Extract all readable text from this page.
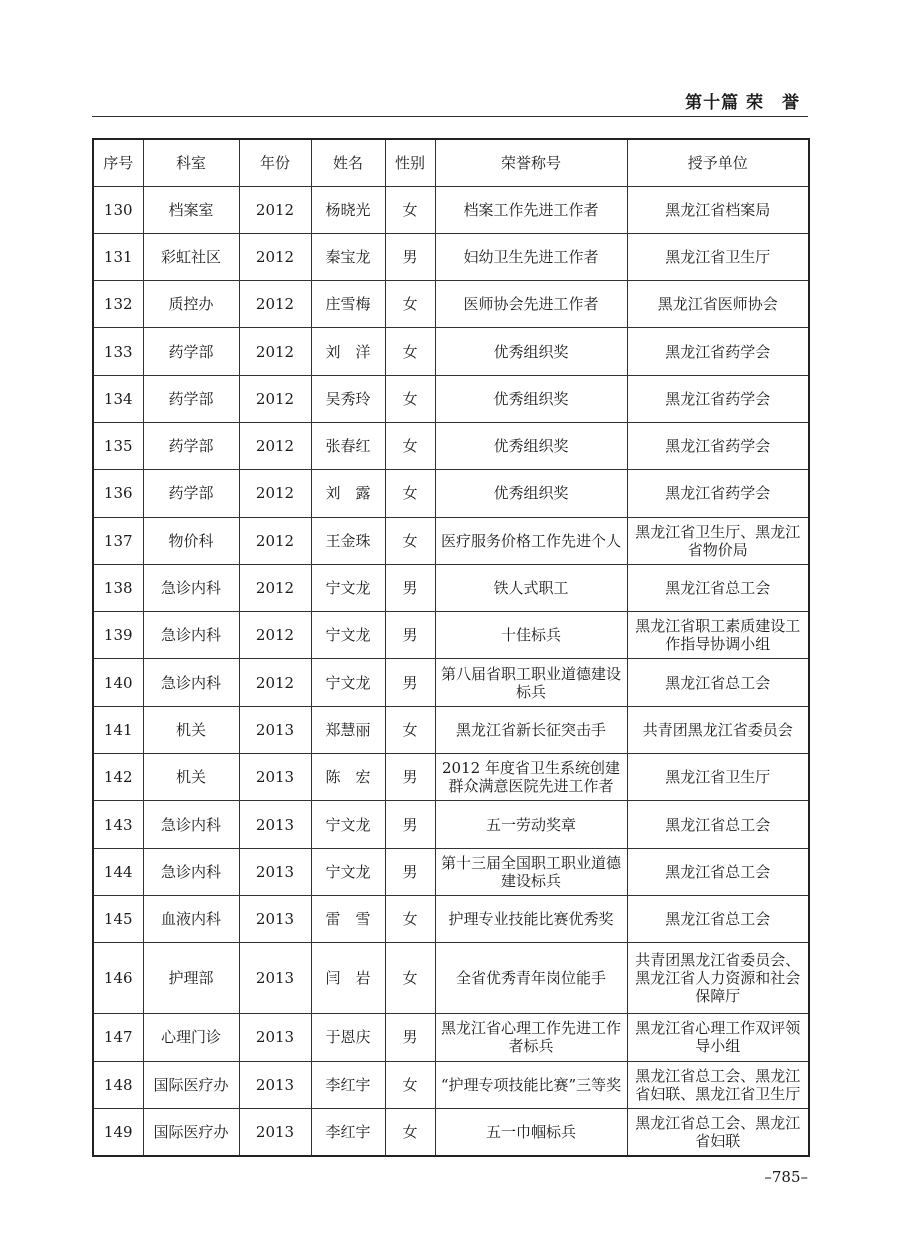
第十篇 荣　誉
序号	科室	年份	姓名	性别	荣誉称号	授予单位
130	档案室	2012	杨晓光	女	档案工作先进工作者	黑龙江省档案局
131	彩虹社区	2012	秦宝龙	男	妇幼卫生先进工作者	黑龙江省卫生厅
132	质控办	2012	庄雪梅	女	医师协会先进工作者	黑龙江省医师协会
133	药学部	2012	刘　洋	女	优秀组织奖	黑龙江省药学会
134	药学部	2012	吴秀玲	女	优秀组织奖	黑龙江省药学会
135	药学部	2012	张春红	女	优秀组织奖	黑龙江省药学会
136	药学部	2012	刘　露	女	优秀组织奖	黑龙江省药学会
137	物价科	2012	王金珠	女	医疗服务价格工作先进个人	黑龙江省卫生厅、黑龙江省物价局
138	急诊内科	2012	宁文龙	男	铁人式职工	黑龙江省总工会
139	急诊内科	2012	宁文龙	男	十佳标兵	黑龙江省职工素质建设工作指导协调小组
140	急诊内科	2012	宁文龙	男	第八届省职工职业道德建设标兵	黑龙江省总工会
141	机关	2013	郑慧丽	女	黑龙江省新长征突击手	共青团黑龙江省委员会
142	机关	2013	陈　宏	男	2012 年度省卫生系统创建群众满意医院先进工作者	黑龙江省卫生厅
143	急诊内科	2013	宁文龙	男	五一劳动奖章	黑龙江省总工会
144	急诊内科	2013	宁文龙	男	第十三届全国职工职业道德建设标兵	黑龙江省总工会
145	血液内科	2013	雷　雪	女	护理专业技能比赛优秀奖	黑龙江省总工会
146	护理部	2013	闫　岩	女	全省优秀青年岗位能手	共青团黑龙江省委员会、黑龙江省人力资源和社会保障厅
147	心理门诊	2013	于恩庆	男	黑龙江省心理工作先进工作者标兵	黑龙江省心理工作双评领导小组
148	国际医疗办	2013	李红宇	女	“护理专项技能比赛”三等奖	黑龙江省总工会、黑龙江省妇联、黑龙江省卫生厅
149	国际医疗办	2013	李红宇	女	五一巾帼标兵	黑龙江省总工会、黑龙江省妇联
–785–
